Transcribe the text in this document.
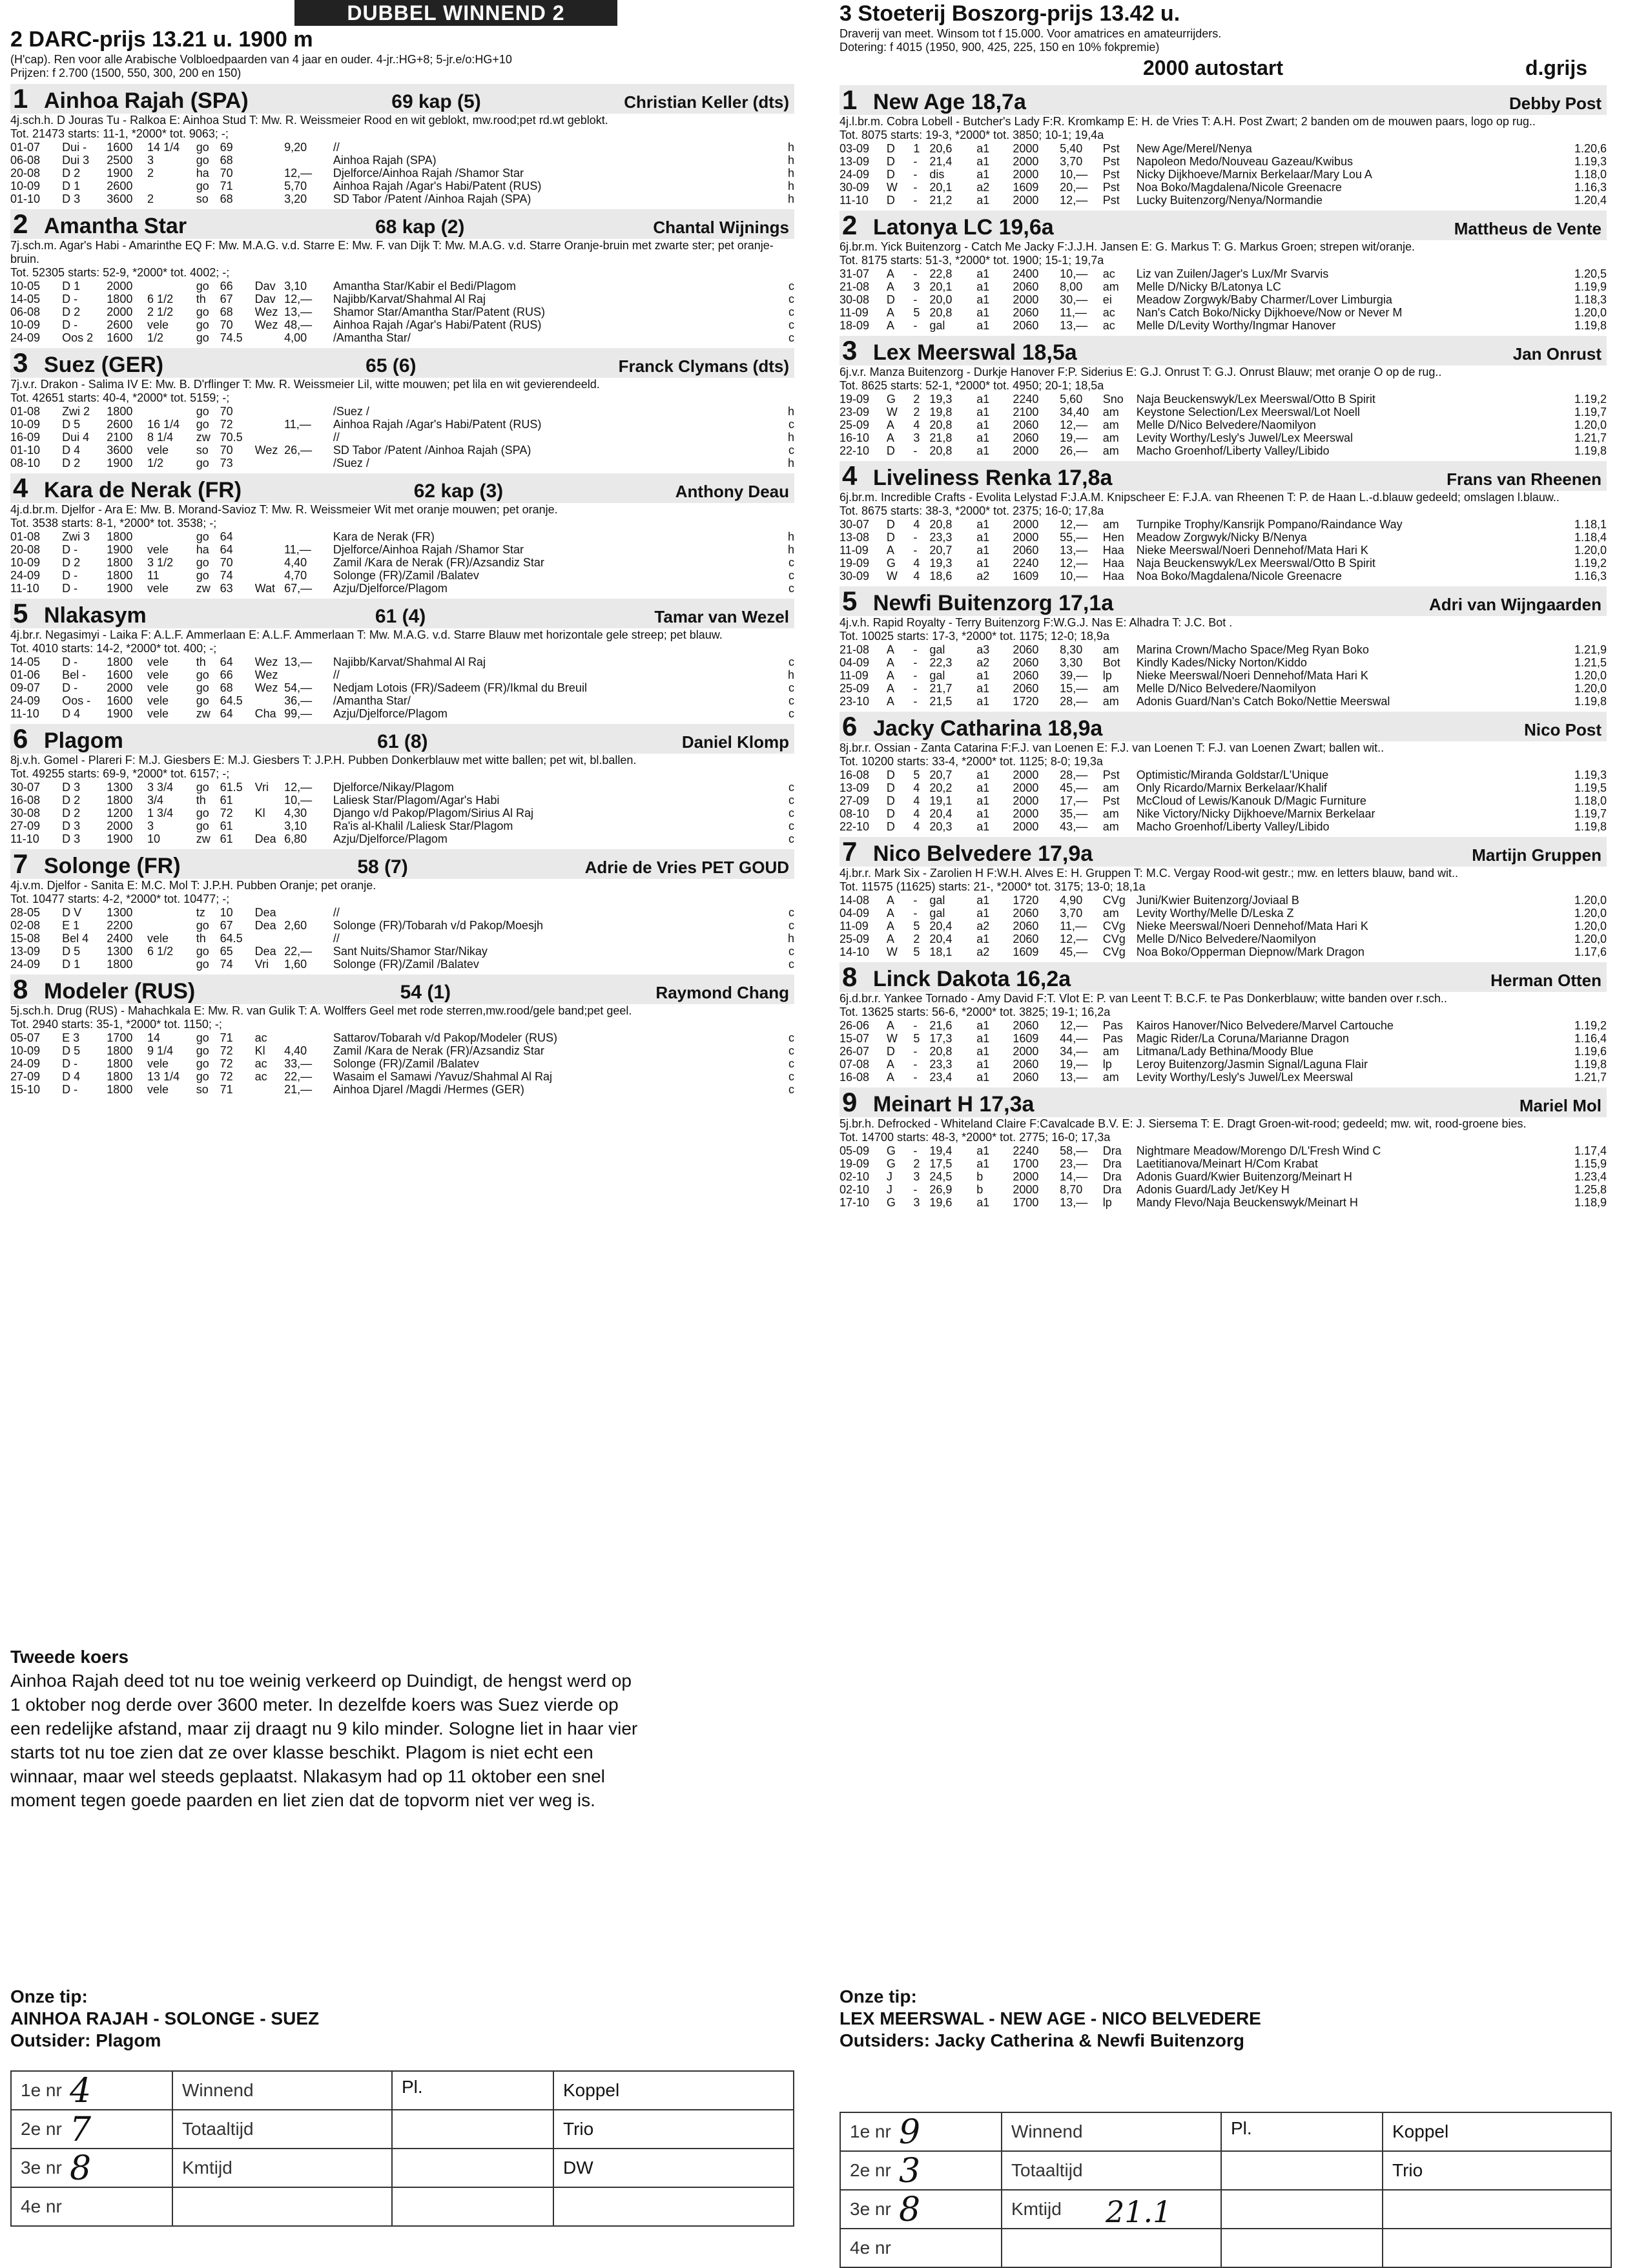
DUBBEL WINNEND 2
2 DARC-prijs 13.21 u. 1900 m
(H'cap). Ren voor alle Arabische Volbloedpaarden van 4 jaar en ouder. 4-jr.:HG+8; 5-jr.e/o:HG+10
Prijzen: f 2.700 (1500, 550, 300, 200 en 150)
1 Ainhoa Rajah (SPA)	69 kap (5)	Christian Keller (dts)
4j.sch.h. D Jouras Tu - Ralkoa E: Ainhoa Stud T: Mw. R. Weissmeier Rood en wit geblokt, mw.rood;pet rd.wt geblokt.
Tot. 21473 starts: 11-1, *2000* tot. 9063; -;
01-07	Dui -	1600	14 1/4	go	69		9,20	//	h
06-08	Dui 3	2500	3	go	68			Ainhoa Rajah (SPA)	h
20-08	D 2	1900	2	ha	70		12,—	Djelforce/Ainhoa Rajah /Shamor Star	h
10-09	D 1	2600		go	71		5,70	Ainhoa Rajah /Agar's Habi/Patent (RUS)	h
01-10	D 3	3600	2	so	68		3,20	SD Tabor /Patent /Ainhoa Rajah (SPA)	h
2 Amantha Star	68 kap (2)	Chantal Wijnings
7j.sch.m. Agar's Habi - Amarinthe EQ F: Mw. M.A.G. v.d. Starre E: Mw. F. van Dijk T: Mw. M.A.G. v.d. Starre Oranje-bruin met zwarte ster; pet oranje-bruin.
Tot. 52305 starts: 52-9, *2000* tot. 4002; -;
10-05	D 1	2000		go	66	Dav	3,10	Amantha Star/Kabir el Bedi/Plagom	c
14-05	D -	1800	6 1/2	th	67	Dav	12,—	Najibb/Karvat/Shahmal Al Raj	c
06-08	D 2	2000	2 1/2	go	68	Wez	13,—	Shamor Star/Amantha Star/Patent (RUS)	c
10-09	D -	2600	vele	go	70	Wez	48,—	Ainhoa Rajah /Agar's Habi/Patent (RUS)	c
24-09	Oos 2	1600	1/2	go	74.5		4,00	/Amantha Star/	c
3 Suez (GER)	65 (6)	Franck Clymans (dts)
7j.v.r. Drakon - Salima IV E: Mw. B. D'rflinger T: Mw. R. Weissmeier Lil, witte mouwen; pet lila en wit gevierendeeld.
Tot. 42651 starts: 40-4, *2000* tot. 5159; -;
01-08	Zwi 2	1800		go	70			/Suez /	h
10-09	D 5	2600	16 1/4	go	72		11,—	Ainhoa Rajah /Agar's Habi/Patent (RUS)	c
16-09	Dui 4	2100	8 1/4	zw	70.5			//	h
01-10	D 4	3600	vele	so	70	Wez	26,—	SD Tabor /Patent /Ainhoa Rajah (SPA)	c
08-10	D 2	1900	1/2	go	73			/Suez /	h
4 Kara de Nerak (FR)	62 kap (3)	Anthony Deau
4j.d.br.m. Djelfor - Ara E: Mw. B. Morand-Savioz T: Mw. R. Weissmeier Wit met oranje mouwen; pet oranje.
Tot. 3538 starts: 8-1, *2000* tot. 3538; -;
01-08	Zwi 3	1800		go	64			Kara de Nerak (FR)	h
20-08	D -	1900	vele	ha	64		11,—	Djelforce/Ainhoa Rajah /Shamor Star	h
10-09	D 2	1800	3 1/2	go	70		4,40	Zamil /Kara de Nerak (FR)/Azsandiz Star	c
24-09	D -	1800	11	go	74		4,70	Solonge (FR)/Zamil /Balatev	c
11-10	D -	1900	vele	zw	63	Wat	67,—	Azju/Djelforce/Plagom	c
5 Nlakasym	61 (4)	Tamar van Wezel
4j.br.r. Negasimyi - Laika F: A.L.F. Ammerlaan E: A.L.F. Ammerlaan T: Mw. M.A.G. v.d. Starre Blauw met horizontale gele streep; pet blauw.
Tot. 4010 starts: 14-2, *2000* tot. 400; -;
14-05	D -	1800	vele	th	64	Wez	13,—	Najibb/Karvat/Shahmal Al Raj	c
01-06	Bel -	1600	vele	go	66	Wez		//	h
09-07	D -	2000	vele	go	68	Wez	54,—	Nedjam Lotois (FR)/Sadeem (FR)/Ikmal du Breuil	c
24-09	Oos -	1600	vele	go	64.5		36,—	/Amantha Star/	c
11-10	D 4	1900	vele	zw	64	Cha	99,—	Azju/Djelforce/Plagom	c
6 Plagom	61 (8)	Daniel Klomp
8j.v.h. Gomel - Plareri F: M.J. Giesbers E: M.J. Giesbers T: J.P.H. Pubben Donkerblauw met witte ballen; pet wit, bl.ballen.
Tot. 49255 starts: 69-9, *2000* tot. 6157; -;
30-07	D 3	1300	3 3/4	go	61.5	Vri	12,—	Djelforce/Nikay/Plagom	c
16-08	D 2	1800	3/4	th	61		10,—	Laliesk Star/Plagom/Agar's Habi	c
30-08	D 2	1200	1 3/4	go	72	Kl	4,30	Django v/d Pakop/Plagom/Sirius Al Raj	c
27-09	D 3	2000	3	go	61		3,10	Ra'is al-Khalil /Laliesk Star/Plagom	c
11-10	D 3	1900	10	zw	61	Dea	6,80	Azju/Djelforce/Plagom	c
7 Solonge (FR)	58 (7)	Adrie de Vries PET GOUD
4j.v.m. Djelfor - Sanita E: M.C. Mol T: J.P.H. Pubben Oranje; pet oranje.
Tot. 10477 starts: 4-2, *2000* tot. 10477; -;
28-05	D V	1300		tz	10	Dea		//	c
02-08	E 1	2200		go	67	Dea	2,60	Solonge (FR)/Tobarah v/d Pakop/Moesjh	c
15-08	Bel 4	2400	vele	th	64.5			//	h
13-09	D 5	1300	6 1/2	go	65	Dea	22,—	Sant Nuits/Shamor Star/Nikay	c
24-09	D 1	1800		go	74	Vri	1,60	Solonge (FR)/Zamil /Balatev	c
8 Modeler (RUS)	54 (1)	Raymond Chang
5j.sch.h. Drug (RUS) - Mahachkala E: Mw. R. van Gulik T: A. Wolffers Geel met rode sterren,mw.rood/gele band;pet geel.
Tot. 2940 starts: 35-1, *2000* tot. 1150; -;
05-07	E 3	1700	14	go	71	ac		Sattarov/Tobarah v/d Pakop/Modeler (RUS)	c
10-09	D 5	1800	9 1/4	go	72	Kl	4,40	Zamil /Kara de Nerak (FR)/Azsandiz Star	c
24-09	D -	1800	vele	go	72	ac	33,—	Solonge (FR)/Zamil /Balatev	c
27-09	D 4	1800	13 1/4	go	72	ac	22,—	Wasaim el Samawi /Yavuz/Shahmal Al Raj	c
15-10	D -	1800	vele	so	71		21,—	Ainhoa Djarel /Magdi /Hermes (GER)	c
3 Stoeterij Boszorg-prijs 13.42 u.
Draverij van meet. Winsom tot f 15.000. Voor amatrices en amateurrijders.
Dotering: f 4015 (1950, 900, 425, 225, 150 en 10% fokpremie)
2000 autostart	d.grijs
1 New Age 18,7a	Debby Post
4j.l.br.m. Cobra Lobell - Butcher's Lady F:R. Kromkamp E: H. de Vries T: A.H. Post Zwart; 2 banden om de mouwen paars, logo op rug..
Tot. 8075 starts: 19-3, *2000* tot. 3850; 10-1; 19,4a
03-09	D	1	20,6	a1	2000	5,40	Pst	New Age/Merel/Nenya	1.20,6
13-09	D	-	21,4	a1	2000	3,70	Pst	Napoleon Medo/Nouveau Gazeau/Kwibus	1.19,3
24-09	D	-	dis	a1	2000	10,—	Pst	Nicky Dijkhoeve/Marnix Berkelaar/Mary Lou A	1.18,0
30-09	W	-	20,1	a2	1609	20,—	Pst	Noa Boko/Magdalena/Nicole Greenacre	1.16,3
11-10	D	-	21,2	a1	2000	12,—	Pst	Lucky Buitenzorg/Nenya/Normandie	1.20,4
2 Latonya LC 19,6a	Mattheus de Vente
6j.br.m. Yick Buitenzorg - Catch Me Jacky F:J.J.H. Jansen E: G. Markus T: G. Markus Groen; strepen wit/oranje.
Tot. 8175 starts: 51-3, *2000* tot. 1900; 15-1; 19,7a
31-07	A	-	22,8	a1	2400	10,—	ac	Liz van Zuilen/Jager's Lux/Mr Svarvis	1.20,5
21-08	A	3	20,1	a1	2060	8,00	am	Melle D/Nicky B/Latonya LC	1.19,9
30-08	D	-	20,0	a1	2000	30,—	ei	Meadow Zorgwyk/Baby Charmer/Lover Limburgia	1.18,3
11-09	A	5	20,8	a1	2060	11,—	ac	Nan's Catch Boko/Nicky Dijkhoeve/Now or Never M	1.20,0
18-09	A	-	gal	a1	2060	13,—	ac	Melle D/Levity Worthy/Ingmar Hanover	1.19,8
3 Lex Meerswal 18,5a	Jan Onrust
6j.v.r. Manza Buitenzorg - Durkje Hanover F:P. Siderius E: G.J. Onrust T: G.J. Onrust Blauw; met oranje O op de rug..
Tot. 8625 starts: 52-1, *2000* tot. 4950; 20-1; 18,5a
19-09	G	2	19,3	a1	2240	5,60	Sno	Naja Beuckenswyk/Lex Meerswal/Otto B Spirit	1.19,2
23-09	W	2	19,8	a1	2100	34,40	am	Keystone Selection/Lex Meerswal/Lot Noell	1.19,7
25-09	A	4	20,8	a1	2060	12,—	am	Melle D/Nico Belvedere/Naomilyon	1.20,0
16-10	A	3	21,8	a1	2060	19,—	am	Levity Worthy/Lesly's Juwel/Lex Meerswal	1.21,7
22-10	D	-	20,8	a1	2000	26,—	am	Macho Groenhof/Liberty Valley/Libido	1.19,8
4 Liveliness Renka 17,8a	Frans van Rheenen
6j.br.m. Incredible Crafts - Evolita Lelystad F:J.A.M. Knipscheer E: F.J.A. van Rheenen T: P. de Haan L.-d.blauw gedeeld; omslagen l.blauw..
Tot. 8675 starts: 38-3, *2000* tot. 2375; 16-0; 17,8a
30-07	D	4	20,8	a1	2000	12,—	am	Turnpike Trophy/Kansrijk Pompano/Raindance Way	1.18,1
13-08	D	-	23,3	a1	2000	55,—	Hen	Meadow Zorgwyk/Nicky B/Nenya	1.18,4
11-09	A	-	20,7	a1	2060	13,—	Haa	Nieke Meerswal/Noeri Dennehof/Mata Hari K	1.20,0
19-09	G	4	19,3	a1	2240	12,—	Haa	Naja Beuckenswyk/Lex Meerswal/Otto B Spirit	1.19,2
30-09	W	4	18,6	a2	1609	10,—	Haa	Noa Boko/Magdalena/Nicole Greenacre	1.16,3
5 Newfi Buitenzorg 17,1a	Adri van Wijngaarden
4j.v.h. Rapid Royalty - Terry Buitenzorg F:W.G.J. Nas E: Alhadra T: J.C. Bot .
Tot. 10025 starts: 17-3, *2000* tot. 1175; 12-0; 18,9a
21-08	A	-	gal	a3	2060	8,30	am	Marina Crown/Macho Space/Meg Ryan Boko	1.21,9
04-09	A	-	22,3	a2	2060	3,30	Bot	Kindly Kades/Nicky Norton/Kiddo	1.21,5
11-09	A	-	gal	a1	2060	39,—	lp	Nieke Meerswal/Noeri Dennehof/Mata Hari K	1.20,0
25-09	A	-	21,7	a1	2060	15,—	am	Melle D/Nico Belvedere/Naomilyon	1.20,0
23-10	A	-	21,5	a1	1720	28,—	am	Adonis Guard/Nan's Catch Boko/Nettie Meerswal	1.19,8
6 Jacky Catharina 18,9a	Nico Post
8j.br.r. Ossian - Zanta Catarina F:F.J. van Loenen E: F.J. van Loenen T: F.J. van Loenen Zwart; ballen wit..
Tot. 10200 starts: 33-4, *2000* tot. 1125; 8-0; 19,3a
16-08	D	5	20,7	a1	2000	28,—	Pst	Optimistic/Miranda Goldstar/L'Unique	1.19,3
13-09	D	4	20,2	a1	2000	45,—	am	Only Ricardo/Marnix Berkelaar/Khalif	1.19,5
27-09	D	4	19,1	a1	2000	17,—	Pst	McCloud of Lewis/Kanouk D/Magic Furniture	1.18,0
08-10	D	4	20,4	a1	2000	35,—	am	Nike Victory/Nicky Dijkhoeve/Marnix Berkelaar	1.19,7
22-10	D	4	20,3	a1	2000	43,—	am	Macho Groenhof/Liberty Valley/Libido	1.19,8
7 Nico Belvedere 17,9a	Martijn Gruppen
4j.br.r. Mark Six - Zarolien H F:W.H. Alves E: H. Gruppen T: M.C. Vergay Rood-wit gestr.; mw. en letters blauw, band wit..
Tot. 11575 (11625) starts: 21-, *2000* tot. 3175; 13-0; 18,1a
14-08	A	-	gal	a1	1720	4,90	CVg	Juni/Kwier Buitenzorg/Joviaal B	1.20,0
04-09	A	-	gal	a1	2060	3,70	am	Levity Worthy/Melle D/Leska Z	1.20,0
11-09	A	5	20,4	a2	2060	11,—	CVg	Nieke Meerswal/Noeri Dennehof/Mata Hari K	1.20,0
25-09	A	2	20,4	a1	2060	12,—	CVg	Melle D/Nico Belvedere/Naomilyon	1.20,0
14-10	W	5	18,1	a2	1609	45,—	CVg	Noa Boko/Opperman Diepnow/Mark Dragon	1.17,6
8 Linck Dakota 16,2a	Herman Otten
6j.d.br.r. Yankee Tornado - Amy David F:T. Vlot E: P. van Leent T: B.C.F. te Pas Donkerblauw; witte banden over r.sch..
Tot. 13625 starts: 56-6, *2000* tot. 3825; 19-1; 16,2a
26-06	A	-	21,6	a1	2060	12,—	Pas	Kairos Hanover/Nico Belvedere/Marvel Cartouche	1.19,2
15-07	W	5	17,3	a1	1609	44,—	Pas	Magic Rider/La Coruna/Marianne Dragon	1.16,4
26-07	D	-	20,8	a1	2000	34,—	am	Litmana/Lady Bethina/Moody Blue	1.19,6
07-08	A	-	23,3	a1	2060	19,—	lp	Leroy Buitenzorg/Jasmin Signal/Laguna Flair	1.19,8
16-08	A	-	23,4	a1	2060	13,—	am	Levity Worthy/Lesly's Juwel/Lex Meerswal	1.21,7
9 Meinart H 17,3a	Mariel Mol
5j.br.h. Defrocked - Whiteland Claire F:Cavalcade B.V. E: J. Siersema T: E. Dragt Groen-wit-rood; gedeeld; mw. wit, rood-groene bies.
Tot. 14700 starts: 48-3, *2000* tot. 2775; 16-0; 17,3a
05-09	G	-	19,4	a1	2240	58,—	Dra	Nightmare Meadow/Morengo D/L'Fresh Wind C	1.17,4
19-09	G	2	17,5	a1	1700	23,—	Dra	Laetitianova/Meinart H/Com Krabat	1.15,9
02-10	J	3	24,5	b	2000	14,—	Dra	Adonis Guard/Kwier Buitenzorg/Meinart H	1.23,4
02-10	J	-	26,9	b	2000	8,70	Dra	Adonis Guard/Lady Jet/Key H	1.25,8
17-10	G	3	19,6	a1	1700	13,—	lp	Mandy Flevo/Naja Beuckenswyk/Meinart H	1.18,9
Tweede koers

Ainhoa Rajah deed tot nu toe weinig verkeerd op Duindigt, de hengst werd op

1 oktober nog derde over 3600 meter. In dezelfde koers was Suez vierde op

een redelijke afstand, maar zij draagt nu 9 kilo minder. Sologne liet in haar vier

starts tot nu toe zien dat ze over klasse beschikt. Plagom is niet echt een

winnaar, maar wel steeds geplaatst. Nlakasym had op 11 oktober een snel

moment tegen goede paarden en liet zien dat de topvorm niet ver weg is.

Onze tip:
AINHOA RAJAH - SOLONGE - SUEZ
Outsider: Plagom
1e nr 4	Winnend	Pl.	Koppel
2e nr 7	Totaaltijd		Trio
3e nr 8	Kmtijd		DW
4e nr			
Onze tip:
LEX MEERSWAL - NEW AGE - NICO BELVEDERE
Outsiders: Jacky Catherina & Newfi Buitenzorg
1e nr 9	Winnend	Pl.	Koppel
2e nr 3	Totaaltijd		Trio
3e nr 8	Kmtijd 21.1		

4e nr			
